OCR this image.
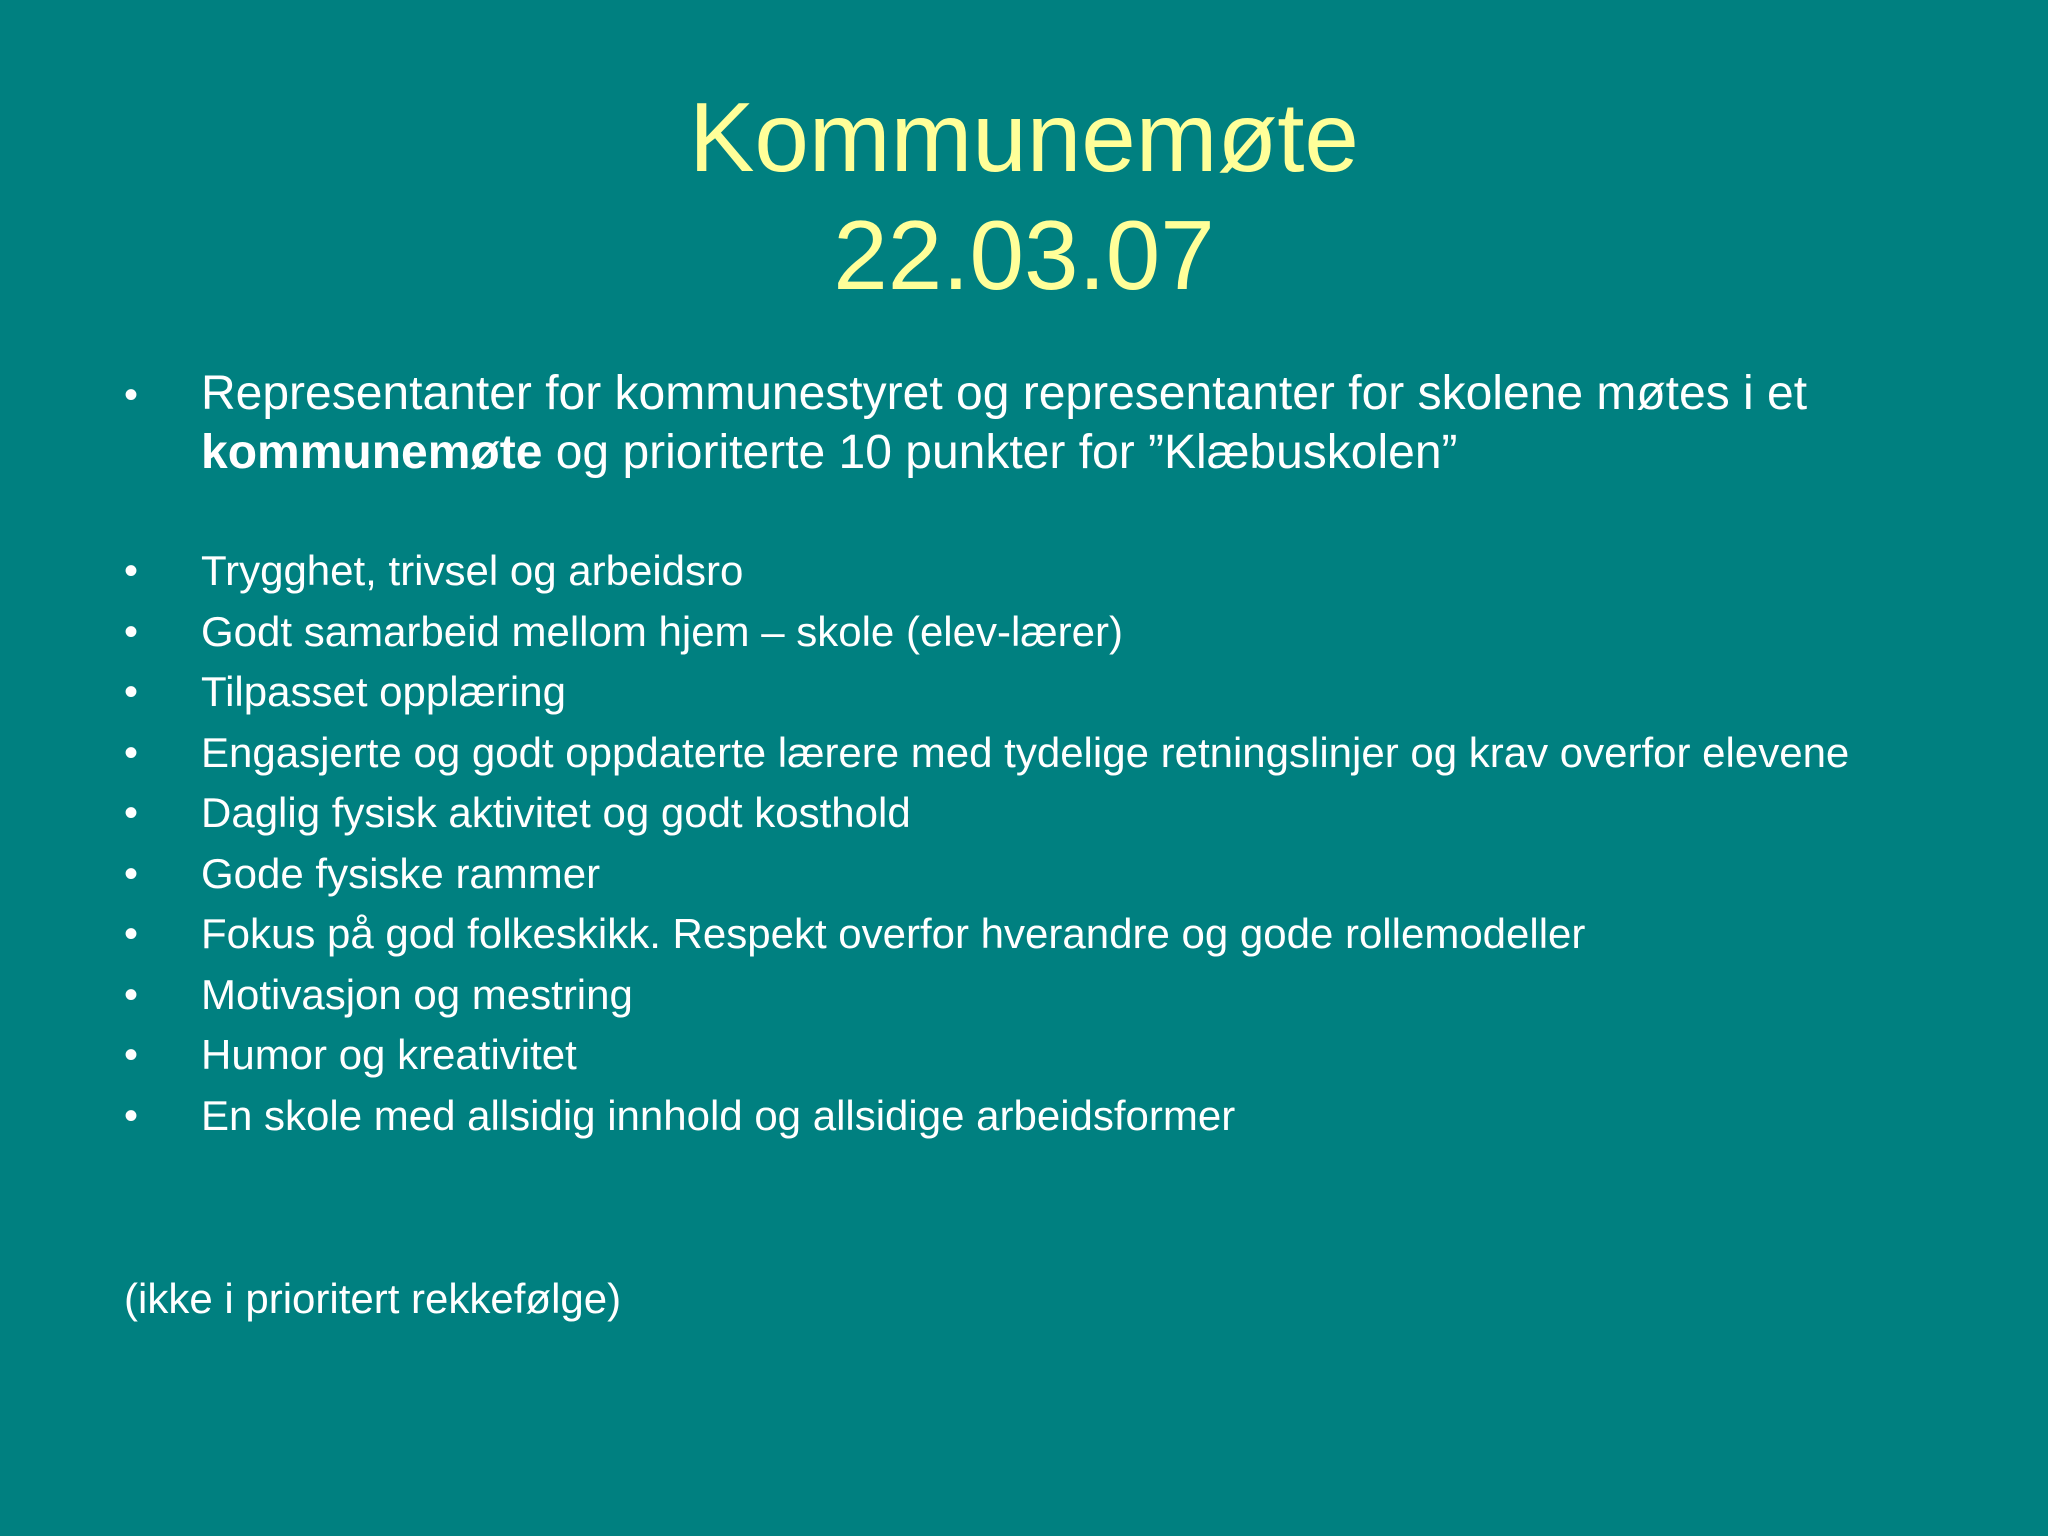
Kommunemøte
22.03.07

•	Representanter for kommunestyret og representanter for skolene møtes i et kommunemøte og prioriterte 10 punkter for ”Klæbuskolen”

•	Trygghet, trivsel og arbeidsro
•	Godt samarbeid mellom hjem – skole (elev-lærer)
•	Tilpasset opplæring
•	Engasjerte og godt oppdaterte lærere med tydelige retningslinjer og krav overfor elevene
•	Daglig fysisk aktivitet og godt kosthold
•	Gode fysiske rammer
•	Fokus på god folkeskikk. Respekt overfor hverandre og gode rollemodeller
•	Motivasjon og mestring
•	Humor og kreativitet
•	En skole med allsidig innhold og allsidige arbeidsformer

(ikke i prioritert rekkefølge)
